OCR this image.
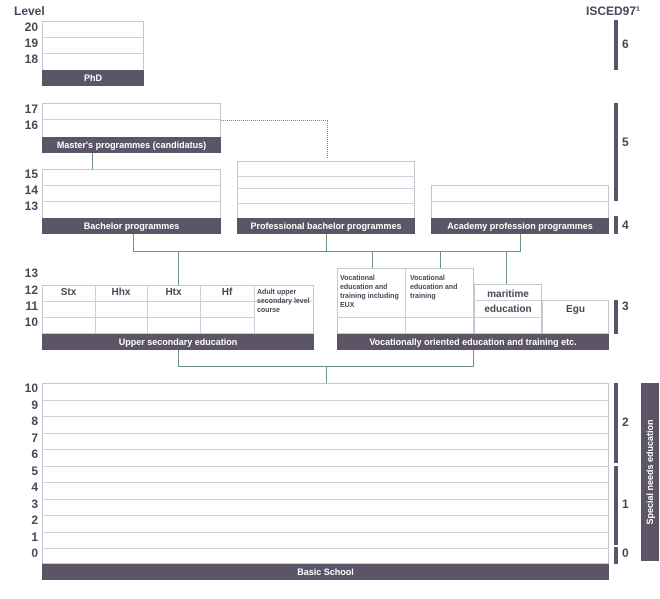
Level	ISCED97¹
20
19
18
PhD
17
16
Master's programmes (candidatus)
15
14
13
Bachelor programmes	Professional bachelor programmes	Academy profession programmes
13
12
11
10
Stx	Hhx	Htx	Hf	Adult upper secondary level course
Upper secondary education
Vocational education and training including EUX
Vocational education and training	maritime
education	Egu
Vocationally oriented education and training etc.
Basic School
10
9
8
7
6
5
4
3
2
1
0
6
5
4
3
2
1
0
Special needs education
